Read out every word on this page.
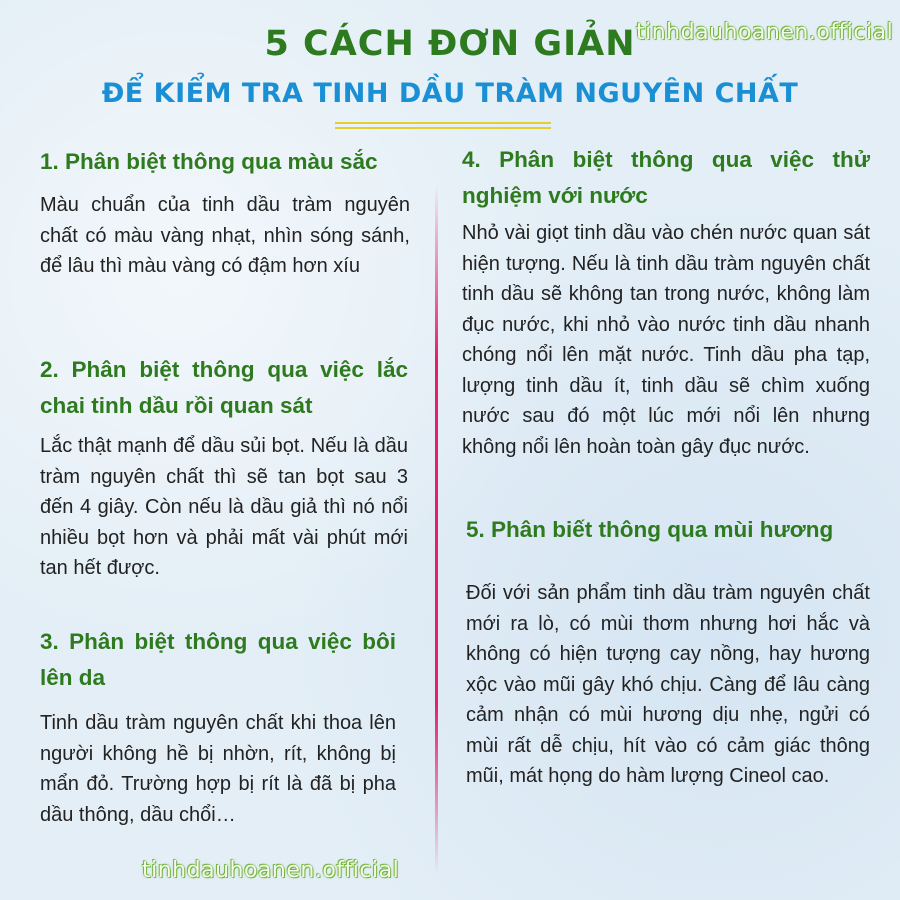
tinhdauhoanen.official
5 CÁCH ĐƠN GIẢN
ĐỂ KIỂM TRA TINH DẦU TRÀM NGUYÊN CHẤT
1. Phân biệt thông qua màu sắc

Màu chuẩn của tinh dầu tràm nguyên chất có màu vàng nhạt, nhìn sóng sánh, để lâu thì màu vàng có đậm hơn xíu

2. Phân biệt thông qua việc lắc chai tinh dầu rồi quan sát

Lắc thật mạnh để dầu sủi bọt. Nếu là dầu tràm nguyên chất thì sẽ tan bọt sau 3 đến 4 giây. Còn nếu là dầu giả thì nó nổi nhiều bọt hơn và phải mất vài phút mới tan hết được.

3. Phân biệt thông qua việc bôi lên da

Tinh dầu tràm nguyên chất khi thoa lên người không hề bị nhờn, rít, không bị mẩn đỏ. Trường hợp bị rít là đã bị pha dầu thông, dầu chổi…

4. Phân biệt thông qua việc thử nghiệm với nước

Nhỏ vài giọt tinh dầu vào chén nước quan sát hiện tượng. Nếu là tinh dầu tràm nguyên chất tinh dầu sẽ không tan trong nước, không làm đục nước, khi nhỏ vào nước tinh dầu nhanh chóng nổi lên mặt nước. Tinh dầu pha tạp, lượng tinh dầu ít, tinh dầu sẽ chìm xuống nước sau đó một lúc mới nổi lên nhưng không nổi lên hoàn toàn gây đục nước.

5. Phân biết thông qua mùi hương

Đối với sản phẩm tinh dầu tràm nguyên chất mới ra lò, có mùi thơm nhưng hơi hắc và không có hiện tượng cay nồng, hay hương xộc vào mũi gây khó chịu. Càng để lâu càng cảm nhận có mùi hương dịu nhẹ, ngửi có mùi rất dễ chịu, hít vào có cảm giác thông mũi, mát họng do hàm lượng Cineol cao.

tinhdauhoanen.official
